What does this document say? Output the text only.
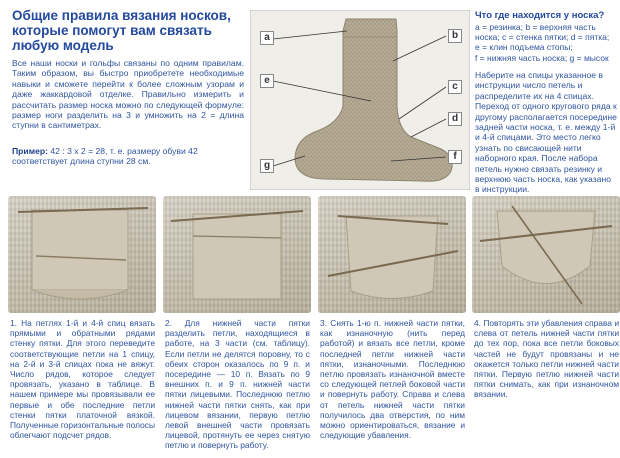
Общие правила вязания носков, которые помогут вам связать любую модель
Все наши носки и гольфы связаны по одним правилам. Таким образом, вы быстро приобретете необходимые навыки и сможете перейти к более сложным узорам и даже жаккардовой отделке. Правильно измерить и рассчитать размер носка можно по следующей формуле: размер ноги разделить на 3 и умножить на 2 = длина ступни в сантиметрах.
Пример: 42 : 3 x 2 = 28, т. е. размеру обуви 42 соответствует длина ступни 28 см.
a	b
c
d
e
f
g
Что где находится у носка?
a = резинка; b = верхняя часть
носка; c = стенка пятки; d = пятка;
e = клин подъема стопы;
f = нижняя часть носка; g = мысок
Наберите на спицы указанное в инструкции число петель и распределите их на 4 спицах. Переход от одного кругового ряда к другому располагается посередине задней части носка, т. е. между 1-й и 4-й спицами. Это место легко узнать по свисающей нити наборного края. После набора петель нужно связать резинку и верхнюю часть носка, как указано в инструкции.
1. На петлях 1-й и 4-й спиц вязать прямыми и обратными рядами стенку пятки. Для этого переведите соответствующие петли на 1 спицу, на 2-й и 3-й спицах пока не вяжут. Число рядов, которое следует провязать, указано в таблице. В нашем примере мы провязывали ее первые и обе последние петли стенки пятки платочной вязкой. Полученные горизонтальные полосы облегчают подсчет рядов.
2. Для нижней части пятки разделить петли, находящиеся в работе, на 3 части (см. таблицу). Если петли не делятся поровну, то с обеих сторон оказалось по 9 п. и посередине — 10 п. Вязать по 9 внешних п. и 9 п. нижней части пятки лицевыми. Последнюю петлю нижней части пятки снять, как при лицевом вязании, первую петлю левой внешней части провязать лицевой, протянуть ее через снятую петлю и повернуть работу.
3. Снять 1-ю п. нижней части пятки, как изнаночную (нить перед работой) и вязать все петли, кроме последней петли нижней части пятки, изнаночными. Последнюю петлю провязать изнаночной вместе со следующей петлей боковой части и повернуть работу. Справа и слева от петель нижней части пятки получилось два отверстия, по ним можно ориентироваться, вязание и следующие убавления.
4. Повторять эти убавления справа и слева от петель нижней части пятки до тех пор, пока все петли боковых частей не будут провязаны и не окажется только петли нижней части пятки. Первую петлю нижней части пятки снимать, как при изнаночном вязании.
